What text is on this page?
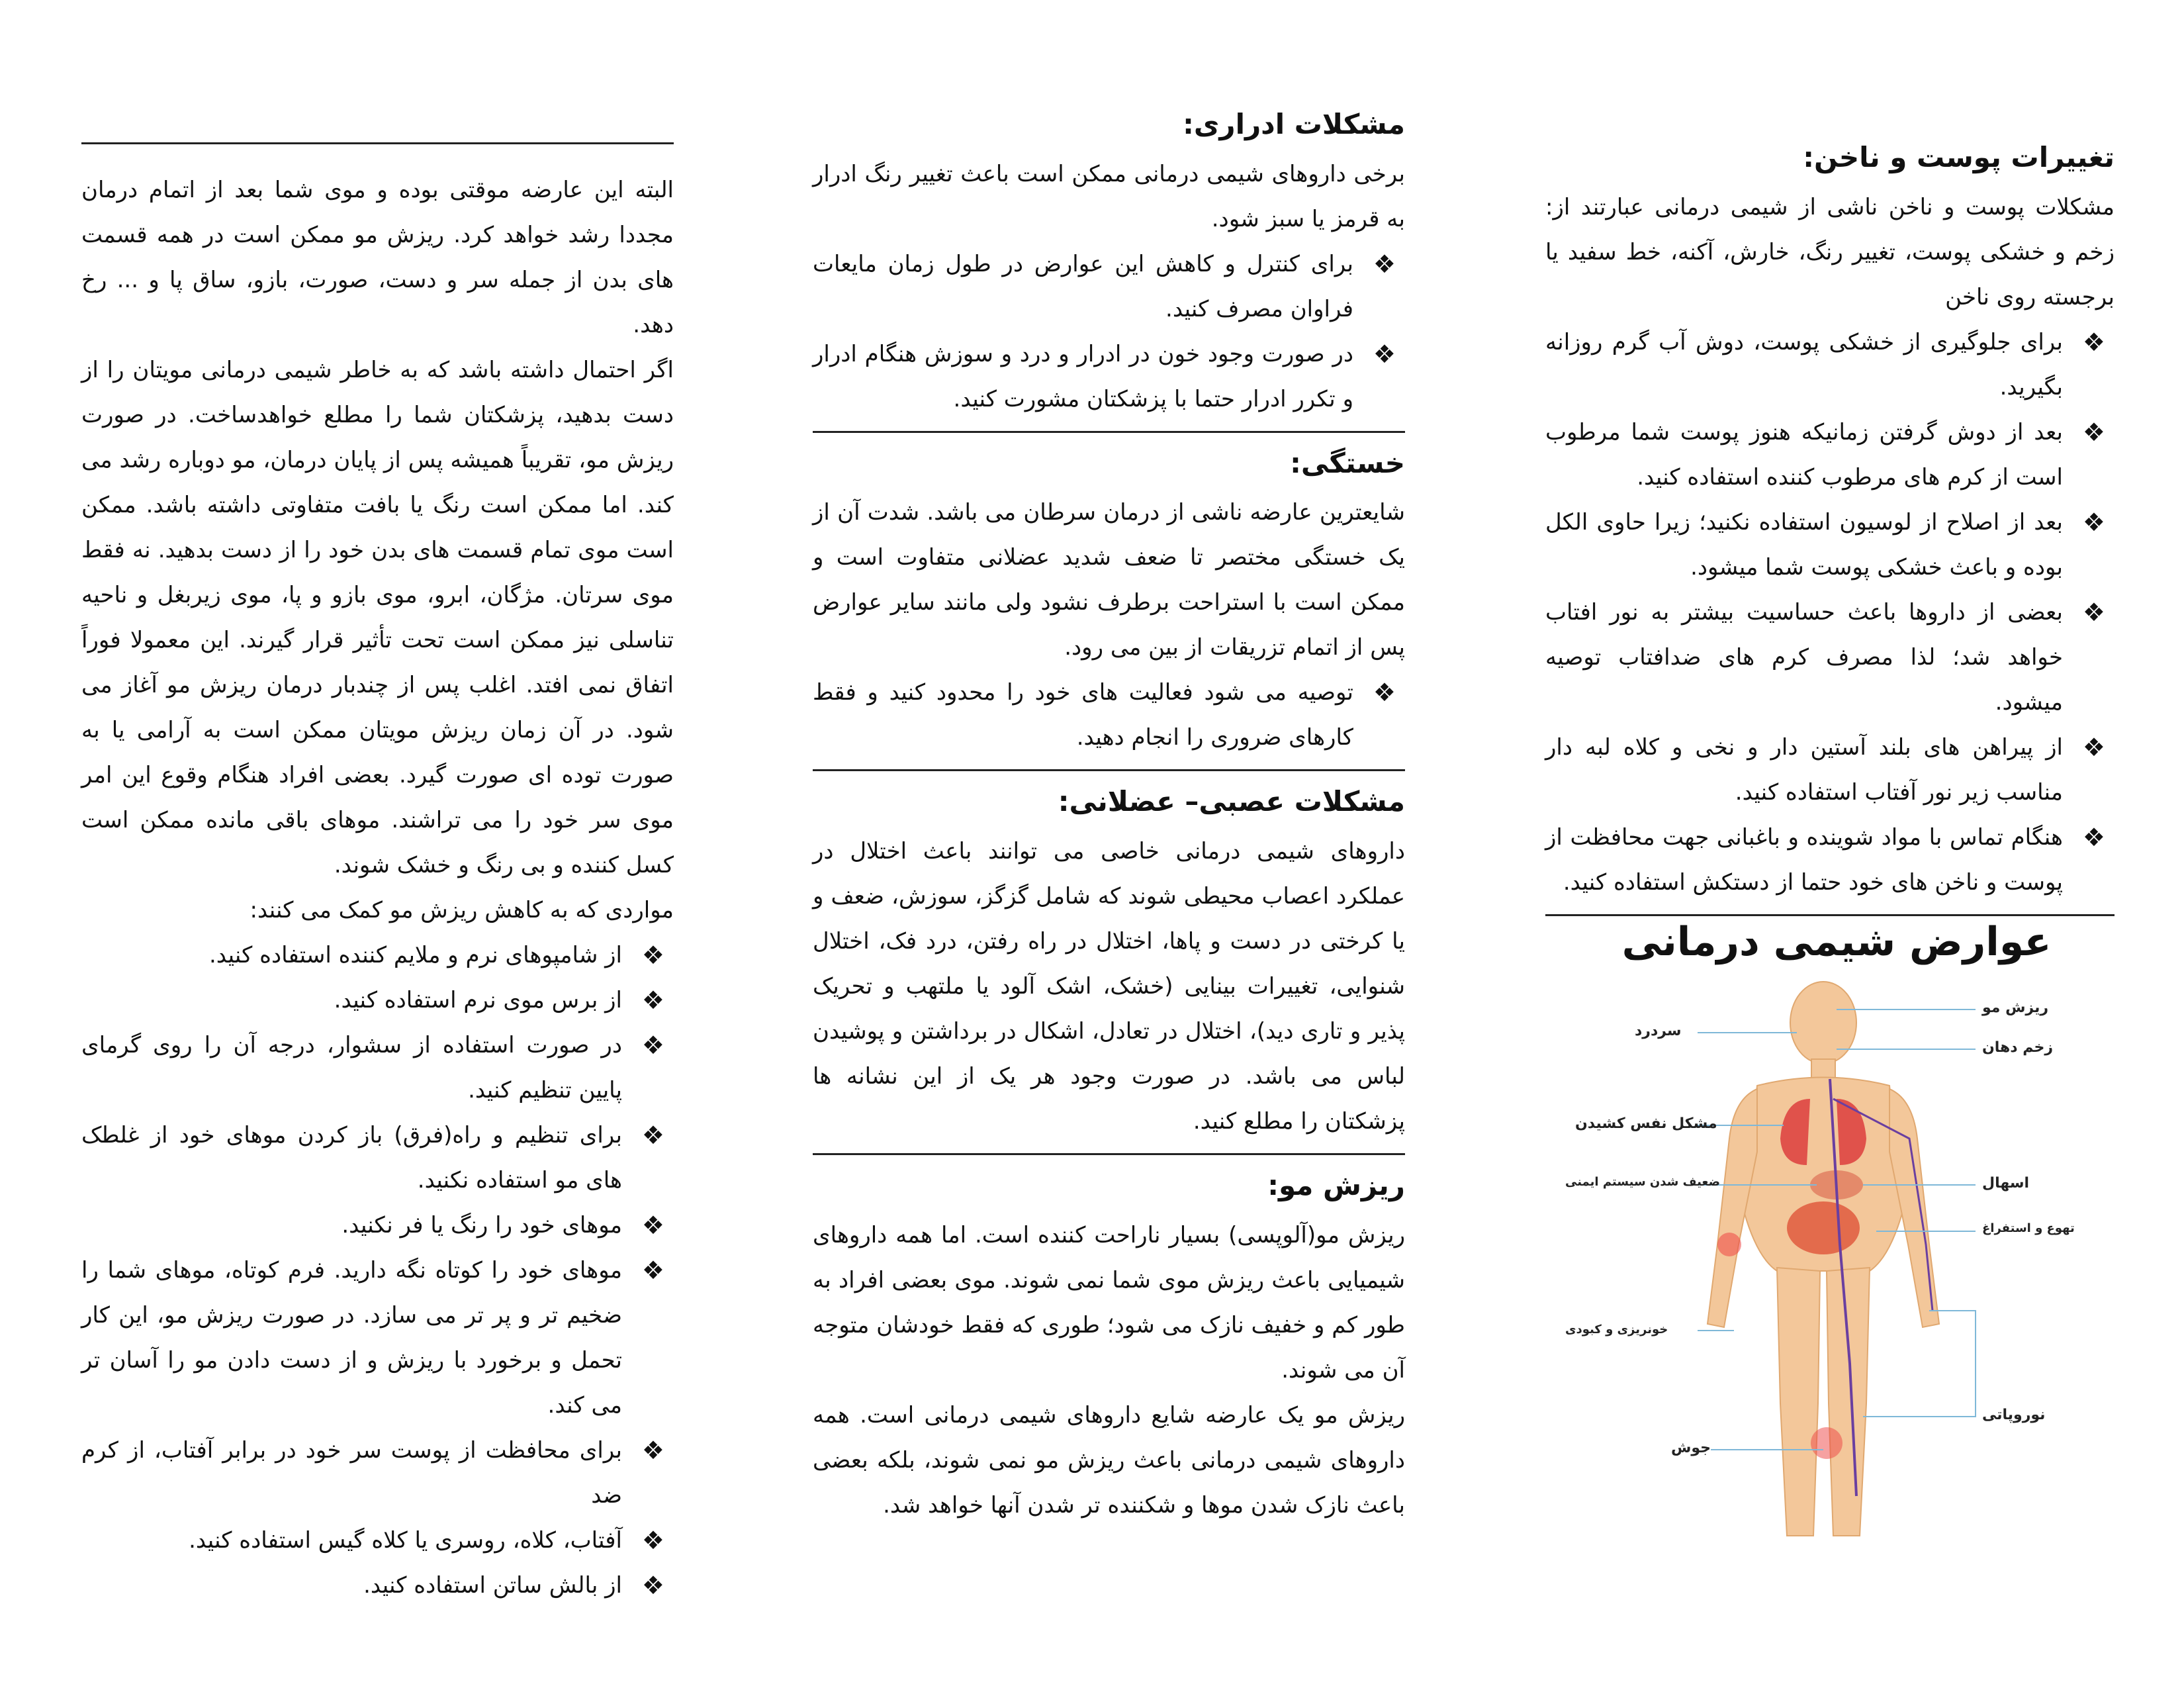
البته این عارضه موقتی بوده و موی شما بعد از اتمام درمان مجددا رشد خواهد کرد. ریزش مو ممکن است در همه قسمت های بدن از جمله سر و دست، صورت، بازو، ساق پا و ... رخ دهد.

اگر احتمال داشته باشد که به خاطر شیمی درمانی مویتان را از دست بدهید، پزشکتان شما را مطلع خواهدساخت. در صورت ریزش مو، تقریباً همیشه پس از پایان درمان، مو دوباره رشد می کند. اما ممکن است رنگ یا بافت متفاوتی داشته باشد. ممکن است موی تمام قسمت های بدن خود را از دست بدهید. نه فقط موی سرتان. مژگان، ابرو، موی بازو و پا، موی زیربغل و ناحیه تناسلی نیز ممکن است تحت تأثیر قرار گیرند. این معمولا فوراً اتفاق نمی افتد. اغلب پس از چندبار درمان ریزش مو آغاز می شود. در آن زمان ریزش مویتان ممکن است به آرامی یا به صورت توده ای صورت گیرد. بعضی افراد هنگام وقوع این امر موی سر خود را می تراشند. موهای باقی مانده ممکن است کسل کننده و بی رنگ و خشک شوند.

مواردی که به کاهش ریزش مو کمک می کنند:

❖
از شامپوهای نرم و ملایم کننده استفاده کنید.
❖
از برس موی نرم استفاده کنید.
❖
در صورت استفاده از سشوار، درجه آن را روی گرمای پایین تنظیم کنید.
❖
برای تنظیم و راه(فرق) باز کردن موهای خود از غلطک های مو استفاده نکنید.
❖
موهای خود را رنگ یا فر نکنید.
❖
موهای خود را کوتاه نگه دارید. فرم کوتاه، موهای شما را ضخیم تر و پر تر می سازد. در صورت ریزش مو، این کار تحمل و برخورد با ریزش و از دست دادن مو را آسان تر می کند.
❖
برای محافظت از پوست سر خود در برابر آفتاب، از کرم ضد
❖
آفتاب، کلاه، روسری یا کلاه گیس استفاده کنید.
❖
از بالش ساتن استفاده کنید.
مشکلات ادراری:

برخی داروهای شیمی درمانی ممکن است باعث تغییر رنگ ادرار به قرمز یا سبز شود.

❖
برای کنترل و کاهش این عوارض در طول زمان مایعات فراوان مصرف کنید.
❖
در صورت وجود خون در ادرار و درد و سوزش هنگام ادرار و تکرر ادرار حتما با پزشکتان مشورت کنید.
خستگی:

شایعترین عارضه ناشی از درمان سرطان می باشد. شدت آن از یک خستگی مختصر تا ضعف شدید عضلانی متفاوت است و ممکن است با استراحت برطرف نشود ولی مانند سایر عوارض پس از اتمام تزریقات از بین می رود.

❖
توصیه می شود فعالیت های خود را محدود کنید و فقط کارهای ضروری را انجام دهید.
مشکلات عصبی– عضلانی:

داروهای شیمی درمانی خاصی می توانند باعث اختلال در عملکرد اعصاب محیطی شوند که شامل گزگز، سوزش، ضعف و یا کرختی در دست و پاها، اختلال در راه رفتن، درد فک، اختلال شنوایی، تغییرات بینایی (خشک، اشک آلود یا ملتهب و تحریک پذیر و تاری دید)، اختلال در تعادل، اشکال در برداشتن و پوشیدن لباس می باشد. در صورت وجود هر یک از این نشانه ها پزشکتان را مطلع کنید.

ریزش مو:

ریزش مو(آلوپسی) بسیار ناراحت کننده است. اما همه داروهای شیمیایی باعث ریزش موی شما نمی شوند. موی بعضی افراد به طور کم و خفیف نازک می شود؛ طوری که فقط خودشان متوجه آن می شوند.

ریزش مو یک عارضه شایع داروهای شیمی درمانی است. همه داروهای شیمی درمانی باعث ریزش مو نمی شوند، بلکه بعضی باعث نازک شدن موها و شکننده تر شدن آنها خواهد شد.

تغییرات پوست و ناخن:

مشکلات پوست و ناخن ناشی از شیمی درمانی عبارتند از: زخم و خشکی پوست، تغییر رنگ، خارش، آکنه، خط سفید یا برجسته روی ناخن

❖
برای جلوگیری از خشکی پوست، دوش آب گرم روزانه بگیرید.
❖
بعد از دوش گرفتن زمانیکه هنوز پوست شما مرطوب است از کرم های مرطوب کننده استفاده کنید.
❖
بعد از اصلاح از لوسیون استفاده نکنید؛ زیرا حاوی الکل بوده و باعث خشکی پوست شما میشود.
❖
بعضی از داروها باعث حساسیت بیشتر به نور افتاب خواهد شد؛ لذا مصرف کرم های ضدافتاب توصیه میشود.
❖
از پیراهن های بلند آستین دار و نخی و کلاه لبه دار مناسب زیر نور آفتاب استفاده کنید.
❖
هنگام تماس با مواد شوینده و باغبانی جهت محافظت از پوست و ناخن های خود حتما از دستکش استفاده کنید.
عوارض شیمی درمانی
ریزش مو
زخم دهان
سردرد
مشکل نفس کشیدن
ضعیف شدن سیستم ایمنی	اسهال
تهوع و استفراغ
خونریزی و کبودی
نوروپاتی
جوش
